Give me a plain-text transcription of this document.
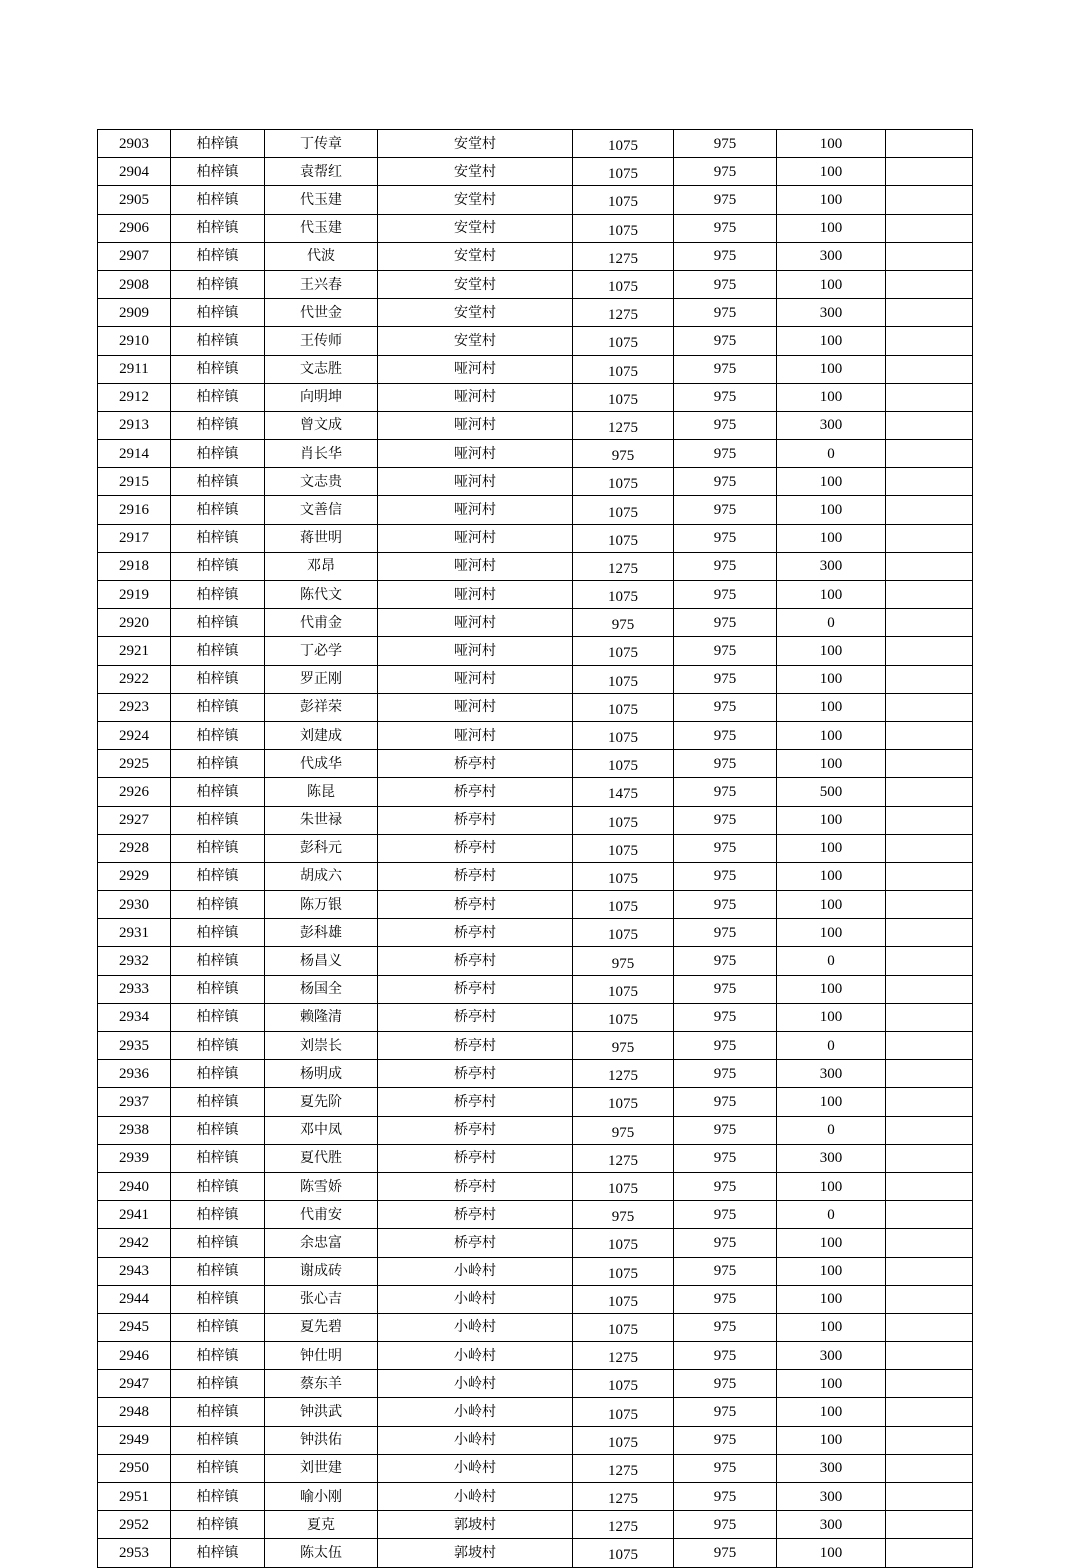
2903	柏梓镇	丁传章	安堂村	1075	975	100	
2904	柏梓镇	袁帮红	安堂村	1075	975	100	
2905	柏梓镇	代玉建	安堂村	1075	975	100	
2906	柏梓镇	代玉建	安堂村	1075	975	100	
2907	柏梓镇	代波	安堂村	1275	975	300	
2908	柏梓镇	王兴春	安堂村	1075	975	100	
2909	柏梓镇	代世金	安堂村	1275	975	300	
2910	柏梓镇	王传师	安堂村	1075	975	100	
2911	柏梓镇	文志胜	哑河村	1075	975	100	
2912	柏梓镇	向明坤	哑河村	1075	975	100	
2913	柏梓镇	曾文成	哑河村	1275	975	300	
2914	柏梓镇	肖长华	哑河村	975	975	0	
2915	柏梓镇	文志贵	哑河村	1075	975	100	
2916	柏梓镇	文善信	哑河村	1075	975	100	
2917	柏梓镇	蒋世明	哑河村	1075	975	100	
2918	柏梓镇	邓昂	哑河村	1275	975	300	
2919	柏梓镇	陈代文	哑河村	1075	975	100	
2920	柏梓镇	代甫金	哑河村	975	975	0	
2921	柏梓镇	丁必学	哑河村	1075	975	100	
2922	柏梓镇	罗正刚	哑河村	1075	975	100	
2923	柏梓镇	彭祥荣	哑河村	1075	975	100	
2924	柏梓镇	刘建成	哑河村	1075	975	100	
2925	柏梓镇	代成华	桥亭村	1075	975	100	
2926	柏梓镇	陈昆	桥亭村	1475	975	500	
2927	柏梓镇	朱世禄	桥亭村	1075	975	100	
2928	柏梓镇	彭科元	桥亭村	1075	975	100	
2929	柏梓镇	胡成六	桥亭村	1075	975	100	
2930	柏梓镇	陈万银	桥亭村	1075	975	100	
2931	柏梓镇	彭科雄	桥亭村	1075	975	100	
2932	柏梓镇	杨昌义	桥亭村	975	975	0	
2933	柏梓镇	杨国全	桥亭村	1075	975	100	
2934	柏梓镇	赖隆清	桥亭村	1075	975	100	
2935	柏梓镇	刘崇长	桥亭村	975	975	0	
2936	柏梓镇	杨明成	桥亭村	1275	975	300	
2937	柏梓镇	夏先阶	桥亭村	1075	975	100	
2938	柏梓镇	邓中凤	桥亭村	975	975	0	
2939	柏梓镇	夏代胜	桥亭村	1275	975	300	
2940	柏梓镇	陈雪娇	桥亭村	1075	975	100	
2941	柏梓镇	代甫安	桥亭村	975	975	0	
2942	柏梓镇	余忠富	桥亭村	1075	975	100	
2943	柏梓镇	谢成砖	小岭村	1075	975	100	
2944	柏梓镇	张心吉	小岭村	1075	975	100	
2945	柏梓镇	夏先碧	小岭村	1075	975	100	
2946	柏梓镇	钟仕明	小岭村	1275	975	300	
2947	柏梓镇	蔡东羊	小岭村	1075	975	100	
2948	柏梓镇	钟洪武	小岭村	1075	975	100	
2949	柏梓镇	钟洪佑	小岭村	1075	975	100	
2950	柏梓镇	刘世建	小岭村	1275	975	300	
2951	柏梓镇	喻小刚	小岭村	1275	975	300	
2952	柏梓镇	夏克	郭坡村	1275	975	300	
2953	柏梓镇	陈太伍	郭坡村	1075	975	100	
